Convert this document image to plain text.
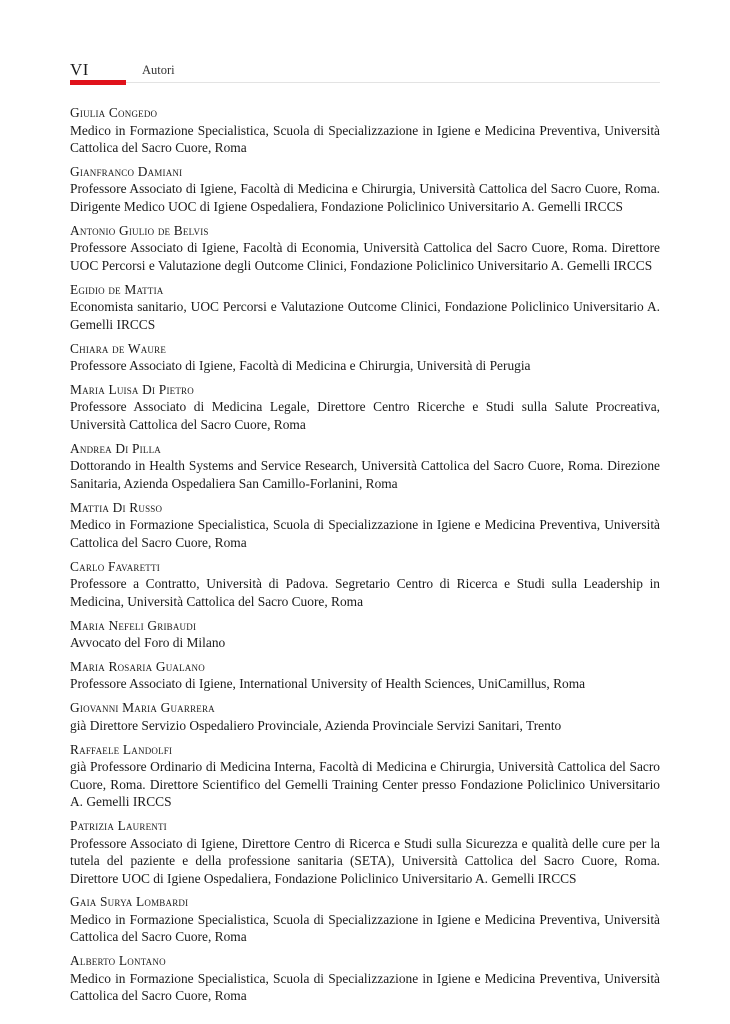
VI	Autori
Giulia Congedo
Medico in Formazione Specialistica, Scuola di Specializzazione in Igiene e Medicina Preventiva, Università Cattolica del Sacro Cuore, Roma
Gianfranco Damiani
Professore Associato di Igiene, Facoltà di Medicina e Chirurgia, Università Cattolica del Sacro Cuore, Roma. Dirigente Medico UOC di Igiene Ospedaliera, Fondazione Policlinico Universitario A. Gemelli IRCCS
Antonio Giulio de Belvis
Professore Associato di Igiene, Facoltà di Economia, Università Cattolica del Sacro Cuore, Roma. Direttore UOC Percorsi e Valutazione degli Outcome Clinici, Fondazione Policlinico Universitario A. Gemelli IRCCS
Egidio de Mattia
Economista sanitario, UOC Percorsi e Valutazione Outcome Clinici, Fondazione Policlinico Universitario A. Gemelli IRCCS
Chiara de Waure
Professore Associato di Igiene, Facoltà di Medicina e Chirurgia, Università di Perugia
Maria Luisa Di Pietro
Professore Associato di Medicina Legale, Direttore Centro Ricerche e Studi sulla Salute Procreativa, Università Cattolica del Sacro Cuore, Roma
Andrea Di Pilla
Dottorando in Health Systems and Service Research, Università Cattolica del Sacro Cuore, Roma. Direzione Sanitaria, Azienda Ospedaliera San Camillo-Forlanini, Roma
Mattia Di Russo
Medico in Formazione Specialistica, Scuola di Specializzazione in Igiene e Medicina Preventiva, Università Cattolica del Sacro Cuore, Roma
Carlo Favaretti
Professore a Contratto, Università di Padova. Segretario Centro di Ricerca e Studi sulla Leadership in Medicina, Università Cattolica del Sacro Cuore, Roma
Maria Nefeli Gribaudi
Avvocato del Foro di Milano
Maria Rosaria Gualano
Professore Associato di Igiene, International University of Health Sciences, UniCamillus, Roma
Giovanni Maria Guarrera
già Direttore Servizio Ospedaliero Provinciale, Azienda Provinciale Servizi Sanitari, Trento
Raffaele Landolfi
già Professore Ordinario di Medicina Interna, Facoltà di Medicina e Chirurgia, Università Cattolica del Sacro Cuore, Roma. Direttore Scientifico del Gemelli Training Center presso Fondazione Policlinico Universitario A. Gemelli IRCCS
Patrizia Laurenti
Professore Associato di Igiene, Direttore Centro di Ricerca e Studi sulla Sicurezza e qualità delle cure per la tutela del paziente e della professione sanitaria (SETA), Università Cattolica del Sacro Cuore, Roma. Direttore UOC di Igiene Ospedaliera, Fondazione Policlinico Universitario A. Gemelli IRCCS
Gaia Surya Lombardi
Medico in Formazione Specialistica, Scuola di Specializzazione in Igiene e Medicina Preventiva, Università Cattolica del Sacro Cuore, Roma
Alberto Lontano
Medico in Formazione Specialistica, Scuola di Specializzazione in Igiene e Medicina Preventiva, Università Cattolica del Sacro Cuore, Roma
